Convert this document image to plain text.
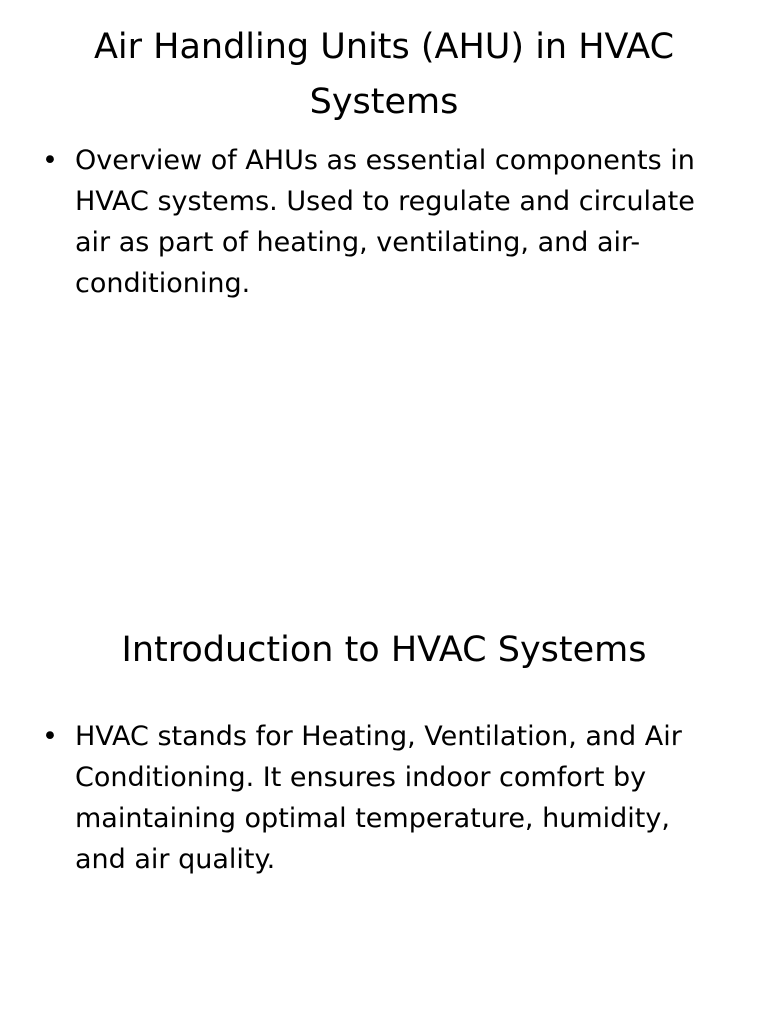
Air Handling Units (AHU) in HVAC Systems
• Overview of AHUs as essential components in HVAC systems. Used to regulate and circulate air as part of heating, ventilating, and air-conditioning.
Introduction to HVAC Systems
• HVAC stands for Heating, Ventilation, and Air Conditioning. It ensures indoor comfort by maintaining optimal temperature, humidity, and air quality.
